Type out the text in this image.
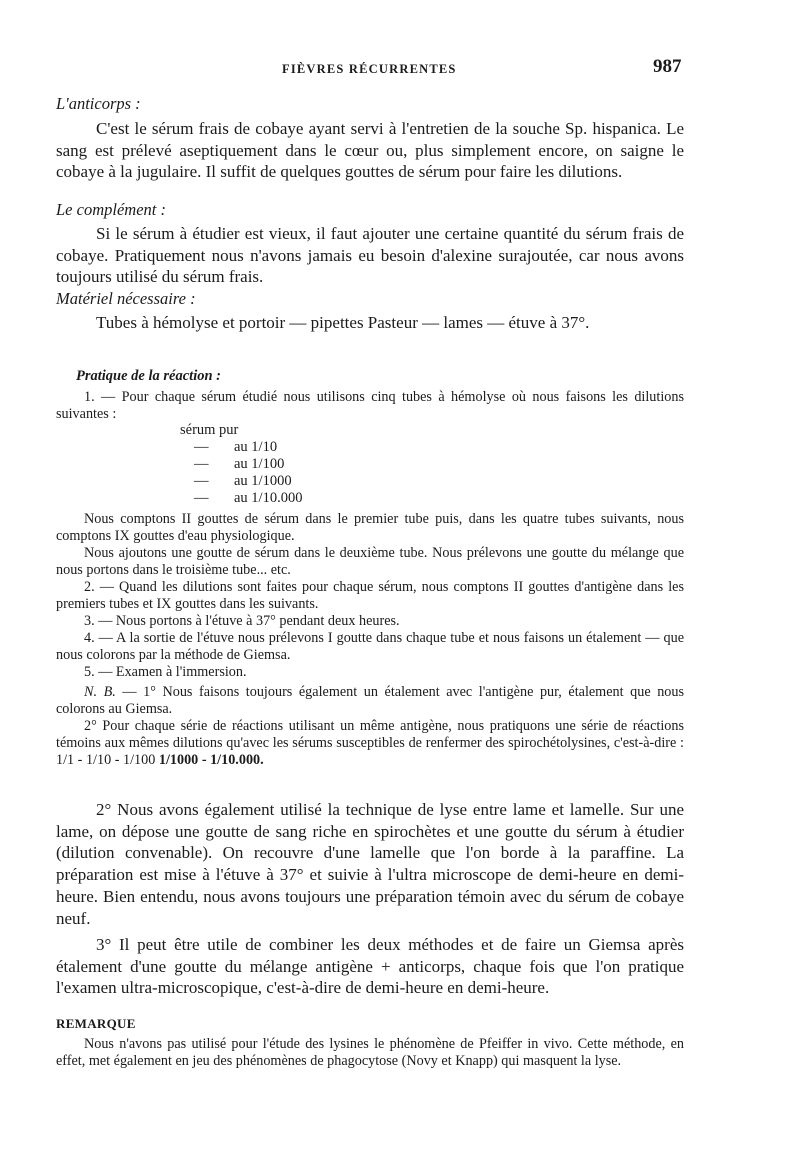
FIÈVRES RÉCURRENTES	987
L'anticorps :

C'est le sérum frais de cobaye ayant servi à l'entretien de la souche Sp. hispanica. Le sang est prélevé aseptiquement dans le cœur ou, plus simplement encore, on saigne le cobaye à la jugulaire. Il suffit de quelques gouttes de sérum pour faire les dilutions.

Le complément :

Si le sérum à étudier est vieux, il faut ajouter une certaine quantité du sérum frais de cobaye. Pratiquement nous n'avons jamais eu besoin d'alexine surajoutée, car nous avons toujours utilisé du sérum frais.

Matériel nécessaire :

Tubes à hémolyse et portoir — pipettes Pasteur — lames — étuve à 37°.

Pratique de la réaction :

1. — Pour chaque sérum étudié nous utilisons cinq tubes à hémolyse où nous faisons les dilutions suivantes :

sérum pur
— au 1/10
— au 1/100
— au 1/1000
— au 1/10.000

Nous comptons II gouttes de sérum dans le premier tube puis, dans les quatre tubes suivants, nous comptons IX gouttes d'eau physiologique.

Nous ajoutons une goutte de sérum dans le deuxième tube. Nous prélevons une goutte du mélange que nous portons dans le troisième tube... etc.

2. — Quand les dilutions sont faites pour chaque sérum, nous comptons II gouttes d'antigène dans les premiers tubes et IX gouttes dans les suivants.

3. — Nous portons à l'étuve à 37° pendant deux heures.

4. — A la sortie de l'étuve nous prélevons I goutte dans chaque tube et nous faisons un étalement — que nous colorons par la méthode de Giemsa.

5. — Examen à l'immersion.

N. B. — 1° Nous faisons toujours également un étalement avec l'antigène pur, étalement que nous colorons au Giemsa.

2° Pour chaque série de réactions utilisant un même antigène, nous pratiquons une série de réactions témoins aux mêmes dilutions qu'avec les sérums susceptibles de renfermer des spirochétolysines, c'est-à-dire : 1/1 - 1/10 - 1/100 1/1000 - 1/10.000.

2° Nous avons également utilisé la technique de lyse entre lame et lamelle. Sur une lame, on dépose une goutte de sang riche en spirochètes et une goutte du sérum à étudier (dilution convenable). On recouvre d'une lamelle que l'on borde à la paraffine. La préparation est mise à l'étuve à 37° et suivie à l'ultra microscope de demi-heure en demi-heure. Bien entendu, nous avons toujours une préparation témoin avec du sérum de cobaye neuf.

3° Il peut être utile de combiner les deux méthodes et de faire un Giemsa après étalement d'une goutte du mélange antigène + anticorps, chaque fois que l'on pratique l'examen ultra-microscopique, c'est-à-dire de demi-heure en demi-heure.

REMARQUE

Nous n'avons pas utilisé pour l'étude des lysines le phénomène de Pfeiffer in vivo. Cette méthode, en effet, met également en jeu des phénomènes de phagocytose (Novy et Knapp) qui masquent la lyse.
